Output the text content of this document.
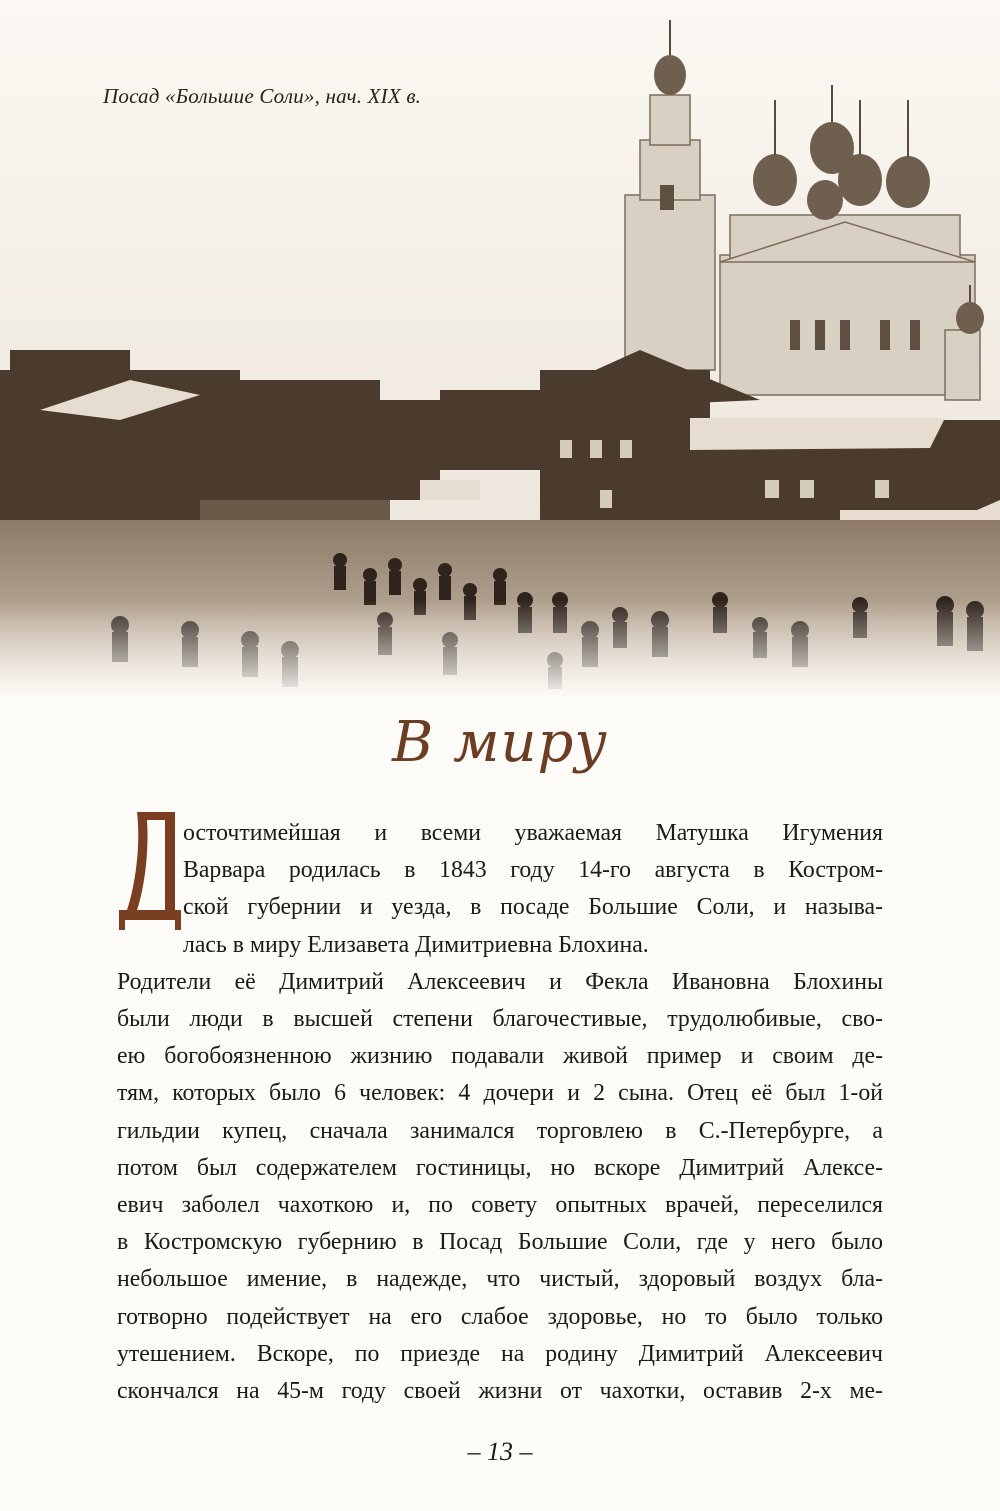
Посад «Большие Соли», нач. XIX в.
В миру

осточтимейшая и всеми уважаемая Матушка Игумения
Варвара родилась в 1843 году 14-го августа в Костром-
ской губернии и уезда, в посаде Большие Соли, и называ-
лась в миру Елизавета Димитриевна Блохина.

Родители её Димитрий Алексеевич и Фекла Ивановна Блохины
были люди в высшей степени благочестивые, трудолюбивые, сво-
ею богобоязненною жизнию подавали живой пример и своим де-
тям, которых было 6 человек: 4 дочери и 2 сына. Отец её был 1-ой
гильдии купец, сначала занимался торговлею в С.-Петербурге, а
потом был содержателем гостиницы, но вскоре Димитрий Алексе-
евич заболел чахоткою и, по совету опытных врачей, переселился
в Костромскую губернию в Посад Большие Соли, где у него было
небольшое имение, в надежде, что чистый, здоровый воздух бла-
готворно подействует на его слабое здоровье, но то было только
утешением. Вскоре, по приезде на родину Димитрий Алексеевич
скончался на 45-м году своей жизни от чахотки, оставив 2-х ме-

– 13 –
